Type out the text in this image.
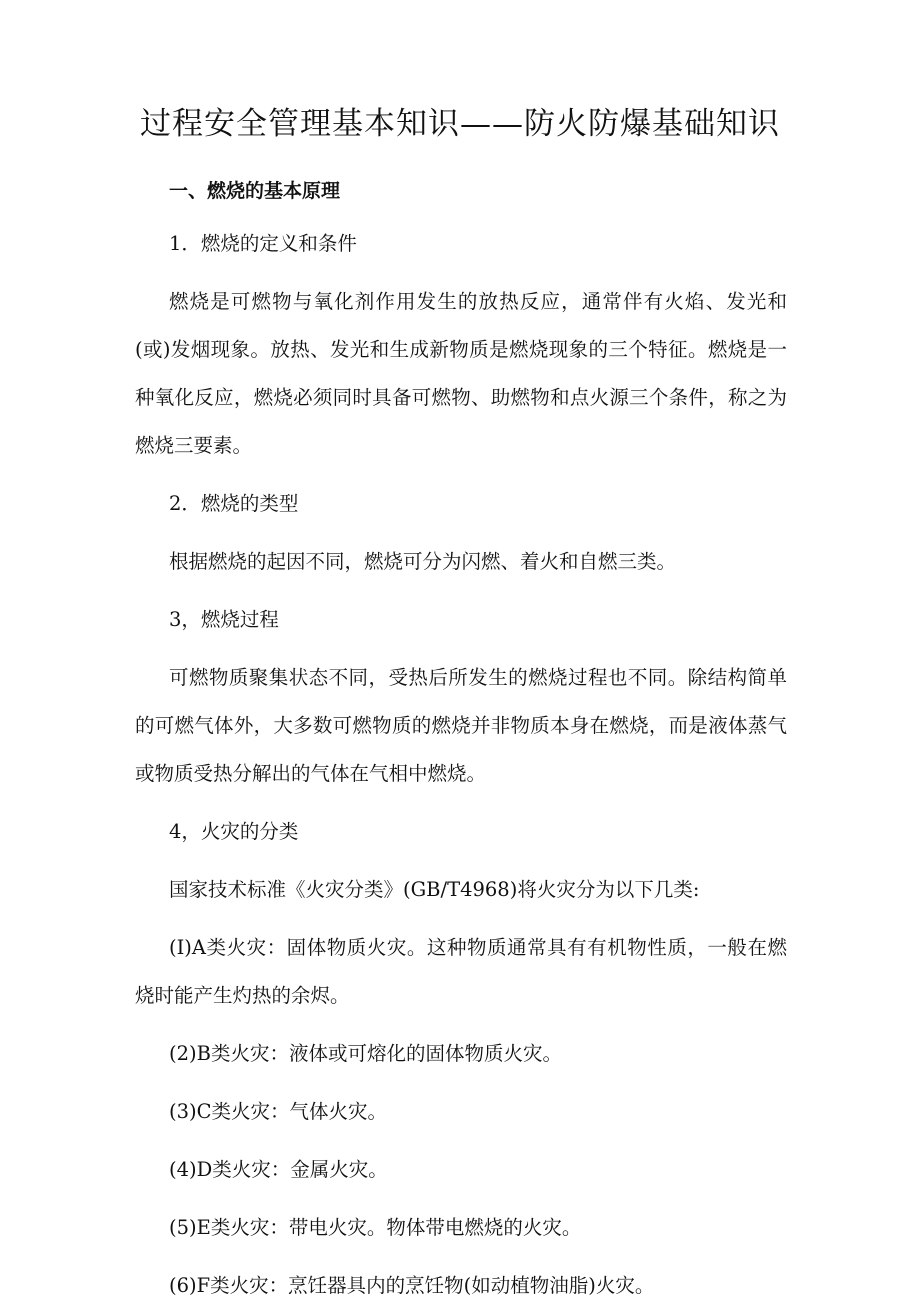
过程安全管理基本知识——防火防爆基础知识
一、燃烧的基本原理

1．燃烧的定义和条件

燃烧是可燃物与氧化剂作用发生的放热反应，通常伴有火焰、发光和(或)发烟现象。放热、发光和生成新物质是燃烧现象的三个特征。燃烧是一种氧化反应，燃烧必须同时具备可燃物、助燃物和点火源三个条件，称之为燃烧三要素。

2．燃烧的类型

根据燃烧的起因不同，燃烧可分为闪燃、着火和自燃三类。

3，燃烧过程

可燃物质聚集状态不同，受热后所发生的燃烧过程也不同。除结构简单的可燃气体外，大多数可燃物质的燃烧并非物质本身在燃烧，而是液体蒸气或物质受热分解出的气体在气相中燃烧。

4，火灾的分类

国家技术标准《火灾分类》(GB/T4968)将火灾分为以下几类:

(I)A类火灾：固体物质火灾。这种物质通常具有有机物性质，一般在燃烧时能产生灼热的余烬。

(2)B类火灾：液体或可熔化的固体物质火灾。

(3)C类火灾：气体火灾。

(4)D类火灾：金属火灾。

(5)E类火灾：带电火灾。物体带电燃烧的火灾。

(6)F类火灾：烹饪器具内的烹饪物(如动植物油脂)火灾。
